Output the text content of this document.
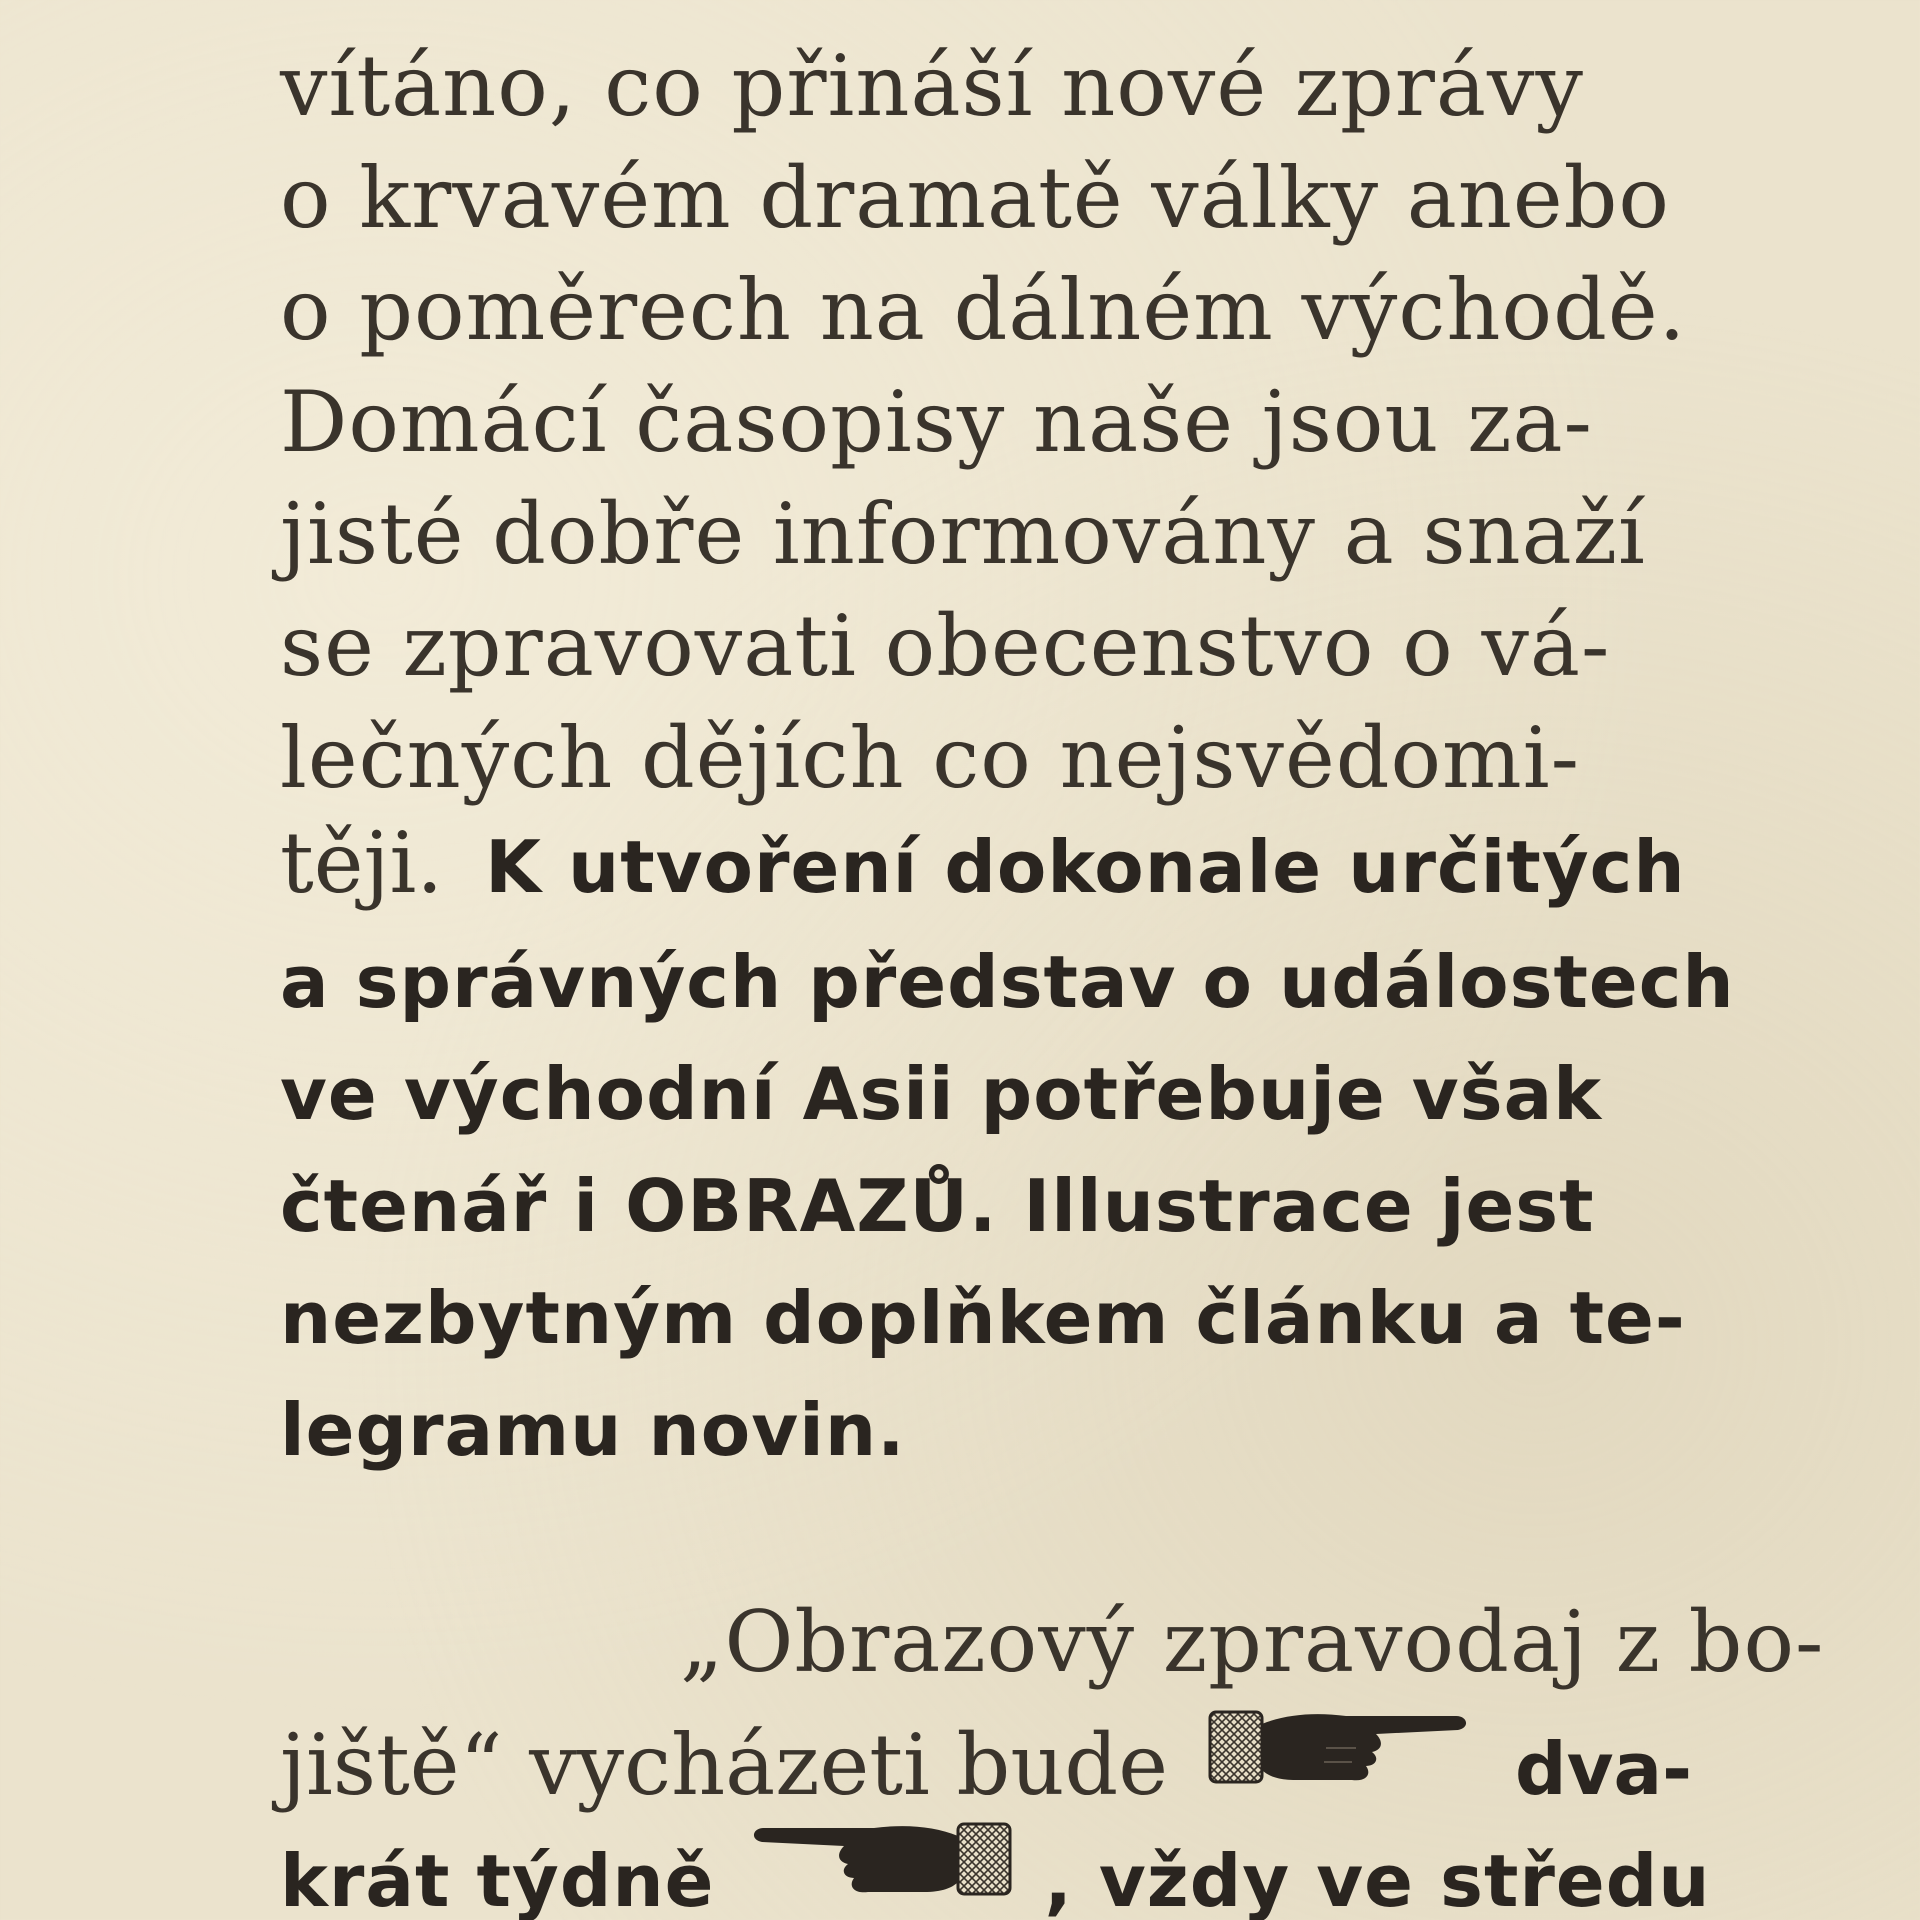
vítáno, co přináší nové zprávy
o krvavém dramatě války anebo
o poměrech na dálném východě.
Domácí časopisy naše jsou za-
jisté dobře informovány a snaží
se zpravovati obecenstvo o vá-
lečných dějích co nejsvědomi-
těji. K utvoření dokonale určitých
a správných představ o událostech
ve východní Asii potřebuje však
čtenář i OBRAZŮ. Illustrace jest
nezbytným doplňkem článku a te-
legramu novin.
„Obrazový zpravodaj z bo-
jiště“ vycházeti bude	dva-
krát týdně	, vždy ve středu
